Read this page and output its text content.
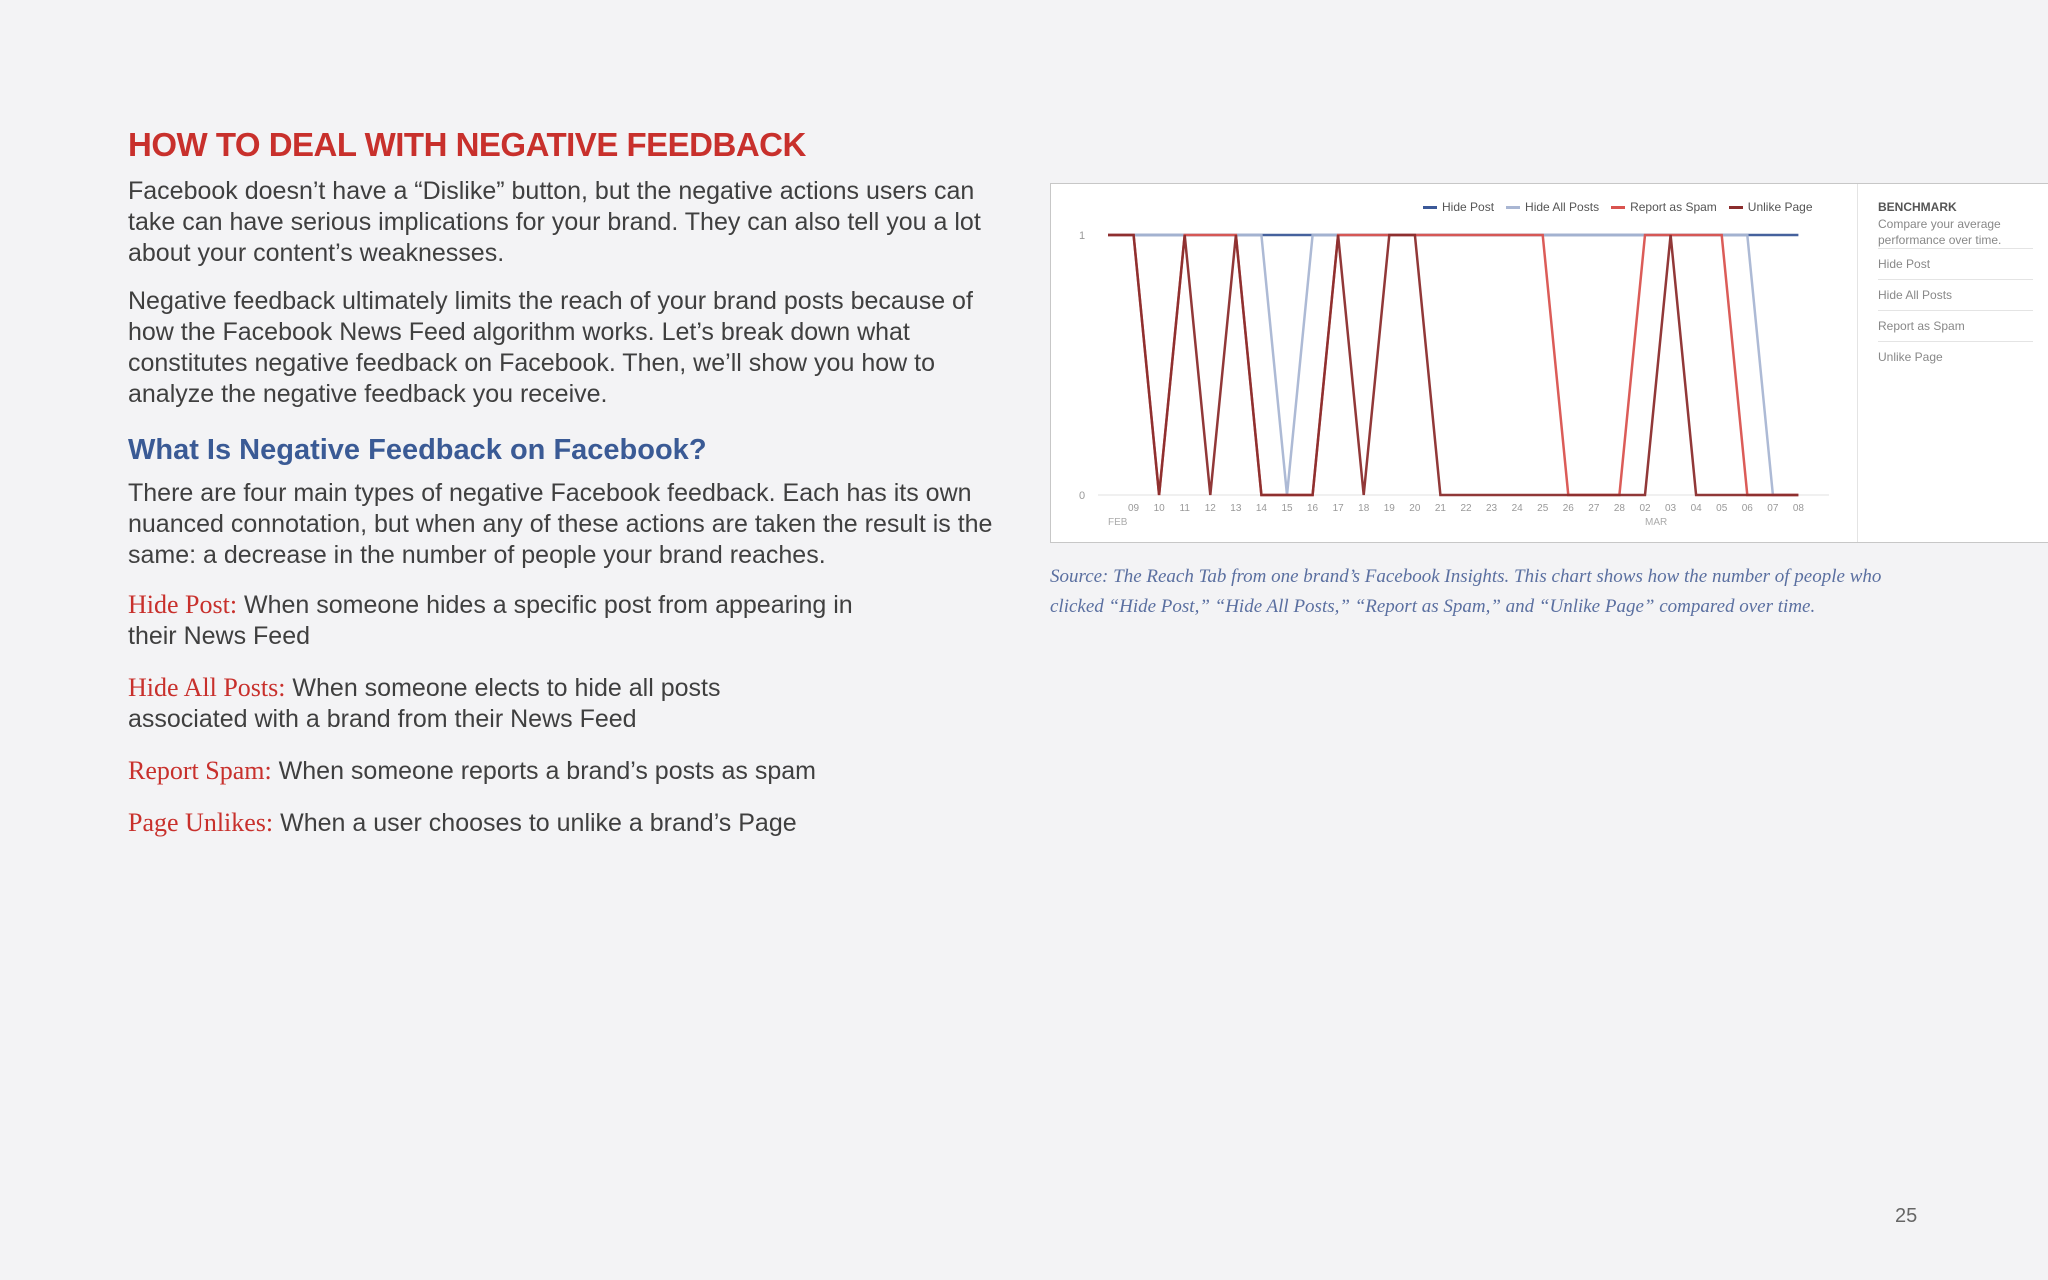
HOW TO DEAL WITH NEGATIVE FEEDBACK

Facebook doesn’t have a “Dislike” button, but the negative actions users can take can have serious implications for your brand. They can also tell you a lot about your content’s weaknesses.

Negative feedback ultimately limits the reach of your brand posts because of how the Facebook News Feed algorithm works. Let’s break down what constitutes negative feedback on Facebook. Then, we’ll show you how to analyze the negative feedback you receive.

What Is Negative Feedback on Facebook?

There are four main types of negative Facebook feedback. Each has its own nuanced connotation, but when any of these actions are taken the result is the same: a decrease in the number of people your brand reaches.

Hide Post: When someone hides a specific post from appearing in their News Feed

Hide All Posts: When someone elects to hide all posts associated with a brand from their News Feed

Report Spam: When someone reports a brand’s posts as spam

Page Unlikes: When a user chooses to unlike a brand’s Page

0
1
09 10 11 12 13 14 15 16 17 18 19 20 21 22 23 24 25 26 27 28 02 03 04 05 06 07 08
FEB	MAR
Hide Post	Hide All Posts	Report as Spam	Unlike Page	BENCHMARK
Compare your average performance over time.
Hide Post
Hide All Posts
Report as Spam
Unlike Page

Source: The Reach Tab from one brand’s Facebook Insights. This chart shows how the number of people who clicked “Hide Post,” “Hide All Posts,” “Report as Spam,” and “Unlike Page” compared over time.

25
